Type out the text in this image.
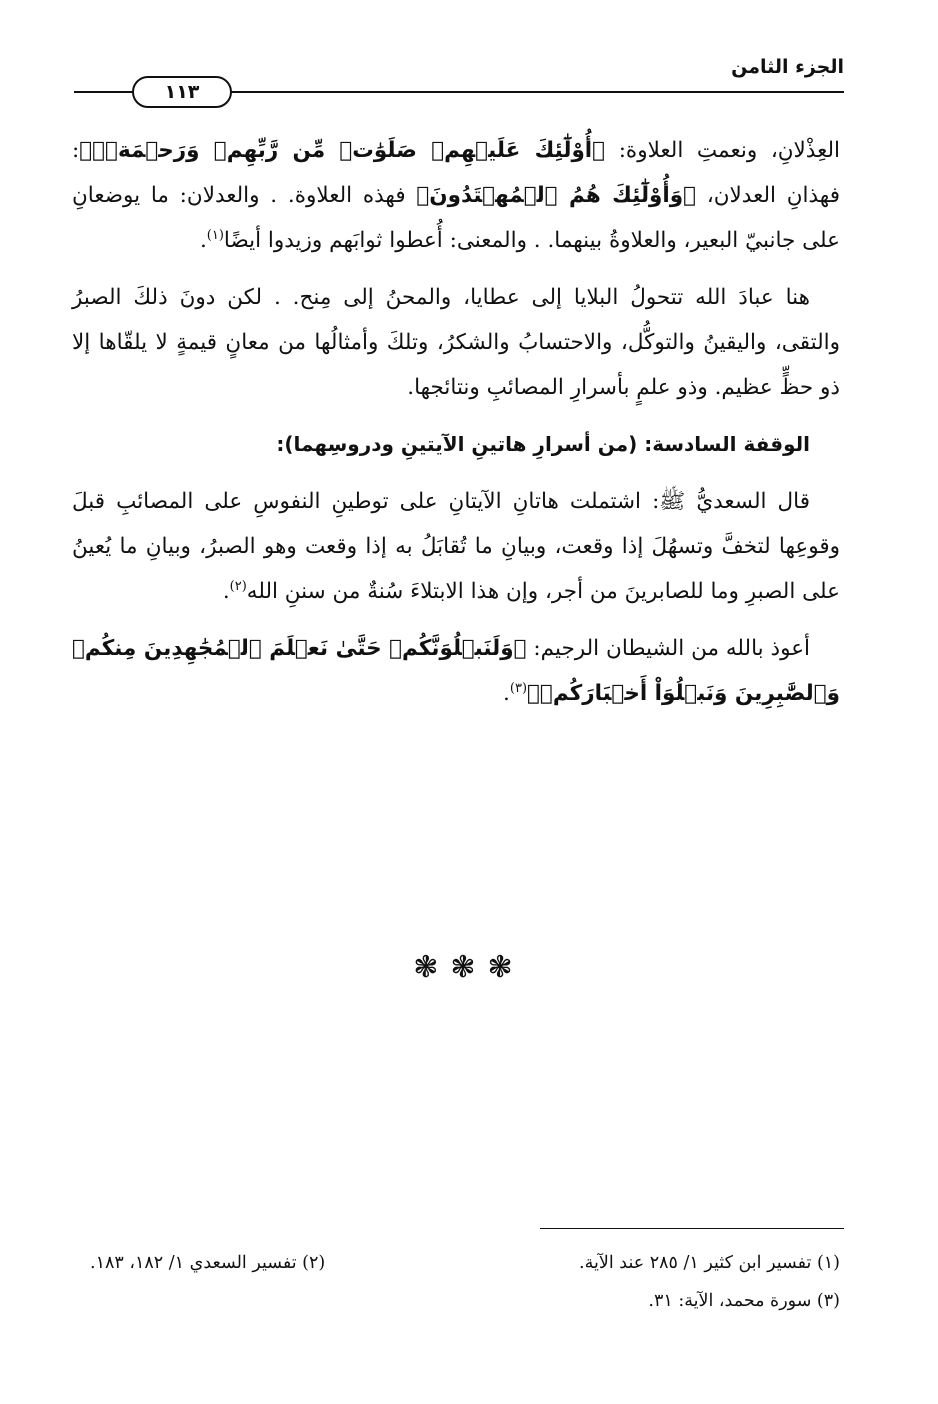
الجزء الثامن
١١٣

العِذْلانِ، ونعمتِ العلاوة: ﴿أُوْلَٰٓئِكَ عَلَيۡهِمۡ صَلَوَٰتٞ مِّن رَّبِّهِمۡ وَرَحۡمَةٞۖ﴾: فهذانِ العدلان، ﴿وَأُوْلَٰٓئِكَ هُمُ ٱلۡمُهۡتَدُونَ﴾ فهذه العلاوة. . والعدلان: ما يوضعانِ على جانبيّ البعير، والعلاوةُ بينهما. . والمعنى: أُعطوا ثوابَهم وزيدوا أيضًا$^{(١)}$.

هنا عبادَ الله تتحولُ البلايا إلى عطايا، والمحنُ إلى مِنح. . لكن دونَ ذلكَ الصبرُ والتقى، واليقينُ والتوكُّل، والاحتسابُ والشكرُ، وتلكَ وأمثالُها من معانٍ قيمةٍ لا يلقّاها إلا ذو حظٍّ عظيم. وذو علمٍ بأسرارِ المصائبِ ونتائجها.

الوقفة السادسة: (من أسرارِ هاتينِ الآيتينِ ودروسِهما):

قال السعديُّ ﷺ: اشتملت هاتانِ الآيتانِ على توطينِ النفوسِ على المصائبِ قبلَ وقوعِها لتخفَّ وتسهُلَ إذا وقعت، وبيانِ ما تُقابَلُ به إذا وقعت وهو الصبرُ، وبيانِ ما يُعينُ على الصبرِ وما للصابرينَ من أجر، وإن هذا الابتلاءَ سُنةٌ من سننِ الله$^{(٢)}$.

أعوذ بالله من الشيطان الرجيم: ﴿وَلَنَبۡلُوَنَّكُمۡ حَتَّىٰ نَعۡلَمَ ٱلۡمُجَٰهِدِينَ مِنكُمۡ وَٱلصَّٰبِرِينَ وَنَبۡلُوَاْ أَخۡبَارَكُمۡ﴾$^{(٣)}$.

❃❃❃
(١) تفسير ابن كثير ١/ ٢٨٥ عند الآية.
(٢) تفسير السعدي ١/ ١٨٢، ١٨٣.
(٣) سورة محمد، الآية: ٣١.
